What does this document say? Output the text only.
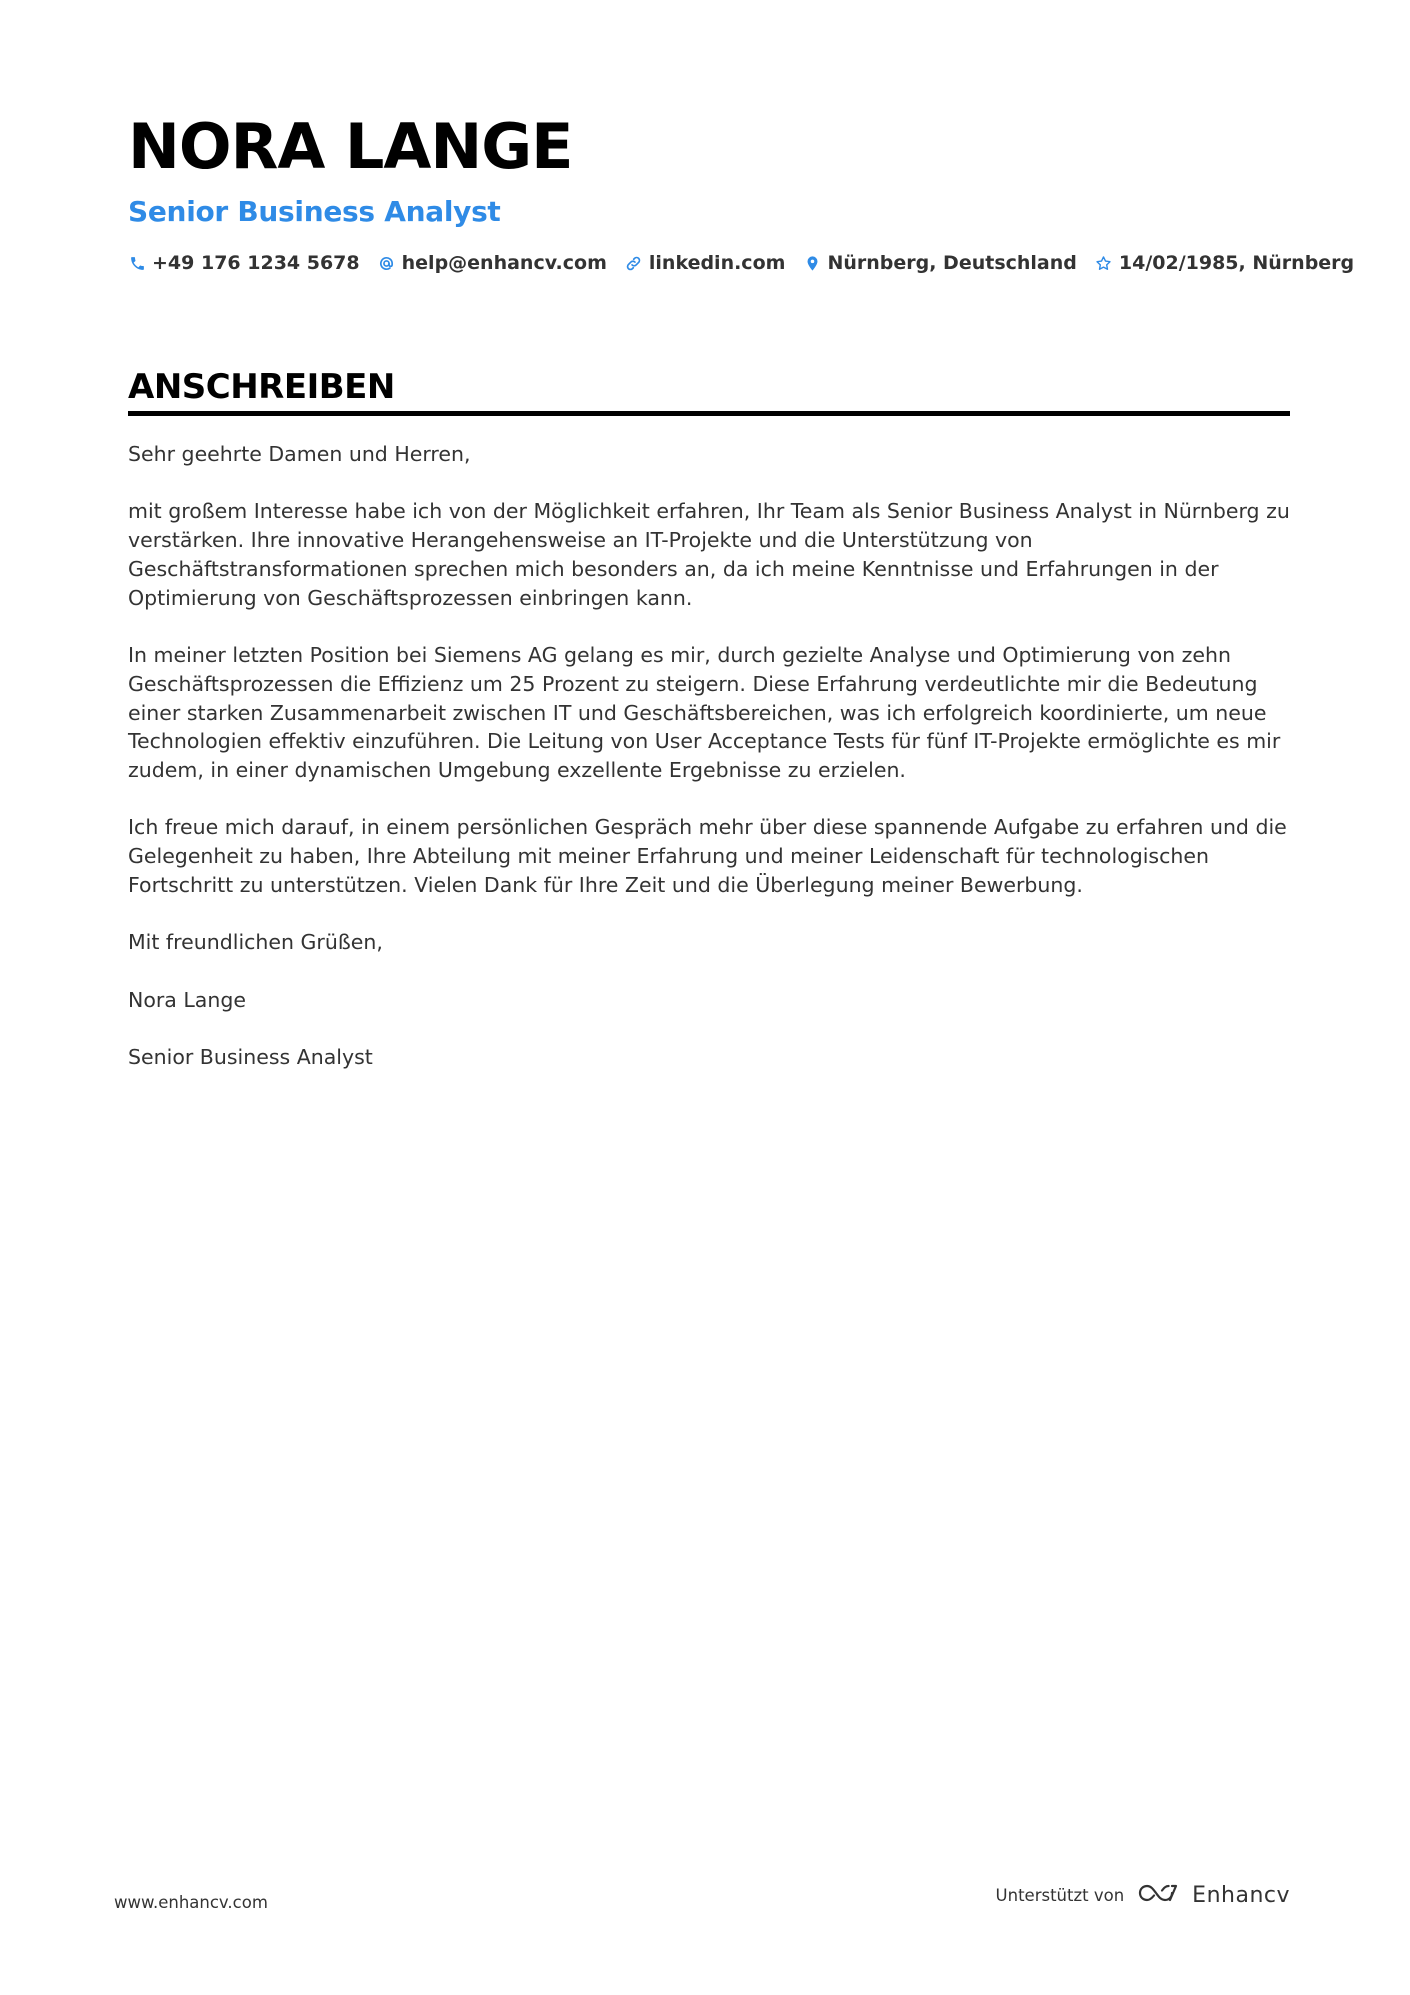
NORA LANGE
Senior Business Analyst
+49 176 1234 5678 help@enhancv.com linkedin.com Nürnberg, Deutschland 14/02/1985, Nürnberg
ANSCHREIBEN

Sehr geehrte Damen und Herren,

mit großem Interesse habe ich von der Möglichkeit erfahren, Ihr Team als Senior Business Analyst in Nürnberg zu verstärken. Ihre innovative Herangehensweise an IT-Projekte und die Unterstützung von Geschäftstransformationen sprechen mich besonders an, da ich meine Kenntnisse und Erfahrungen in der Optimierung von Geschäftsprozessen einbringen kann.

In meiner letzten Position bei Siemens AG gelang es mir, durch gezielte Analyse und Optimierung von zehn Geschäftsprozessen die Effizienz um 25 Prozent zu steigern. Diese Erfahrung verdeutlichte mir die Bedeutung einer starken Zusammenarbeit zwischen IT und Geschäftsbereichen, was ich erfolgreich koordinierte, um neue Technologien effektiv einzuführen. Die Leitung von User Acceptance Tests für fünf IT-Projekte ermöglichte es mir zudem, in einer dynamischen Umgebung exzellente Ergebnisse zu erzielen.

Ich freue mich darauf, in einem persönlichen Gespräch mehr über diese spannende Aufgabe zu erfahren und die Gelegenheit zu haben, Ihre Abteilung mit meiner Erfahrung und meiner Leidenschaft für technologischen Fortschritt zu unterstützen. Vielen Dank für Ihre Zeit und die Überlegung meiner Bewerbung.

Mit freundlichen Grüßen,

Nora Lange

Senior Business Analyst

www.enhancv.com	Unterstützt von	Enhancv
